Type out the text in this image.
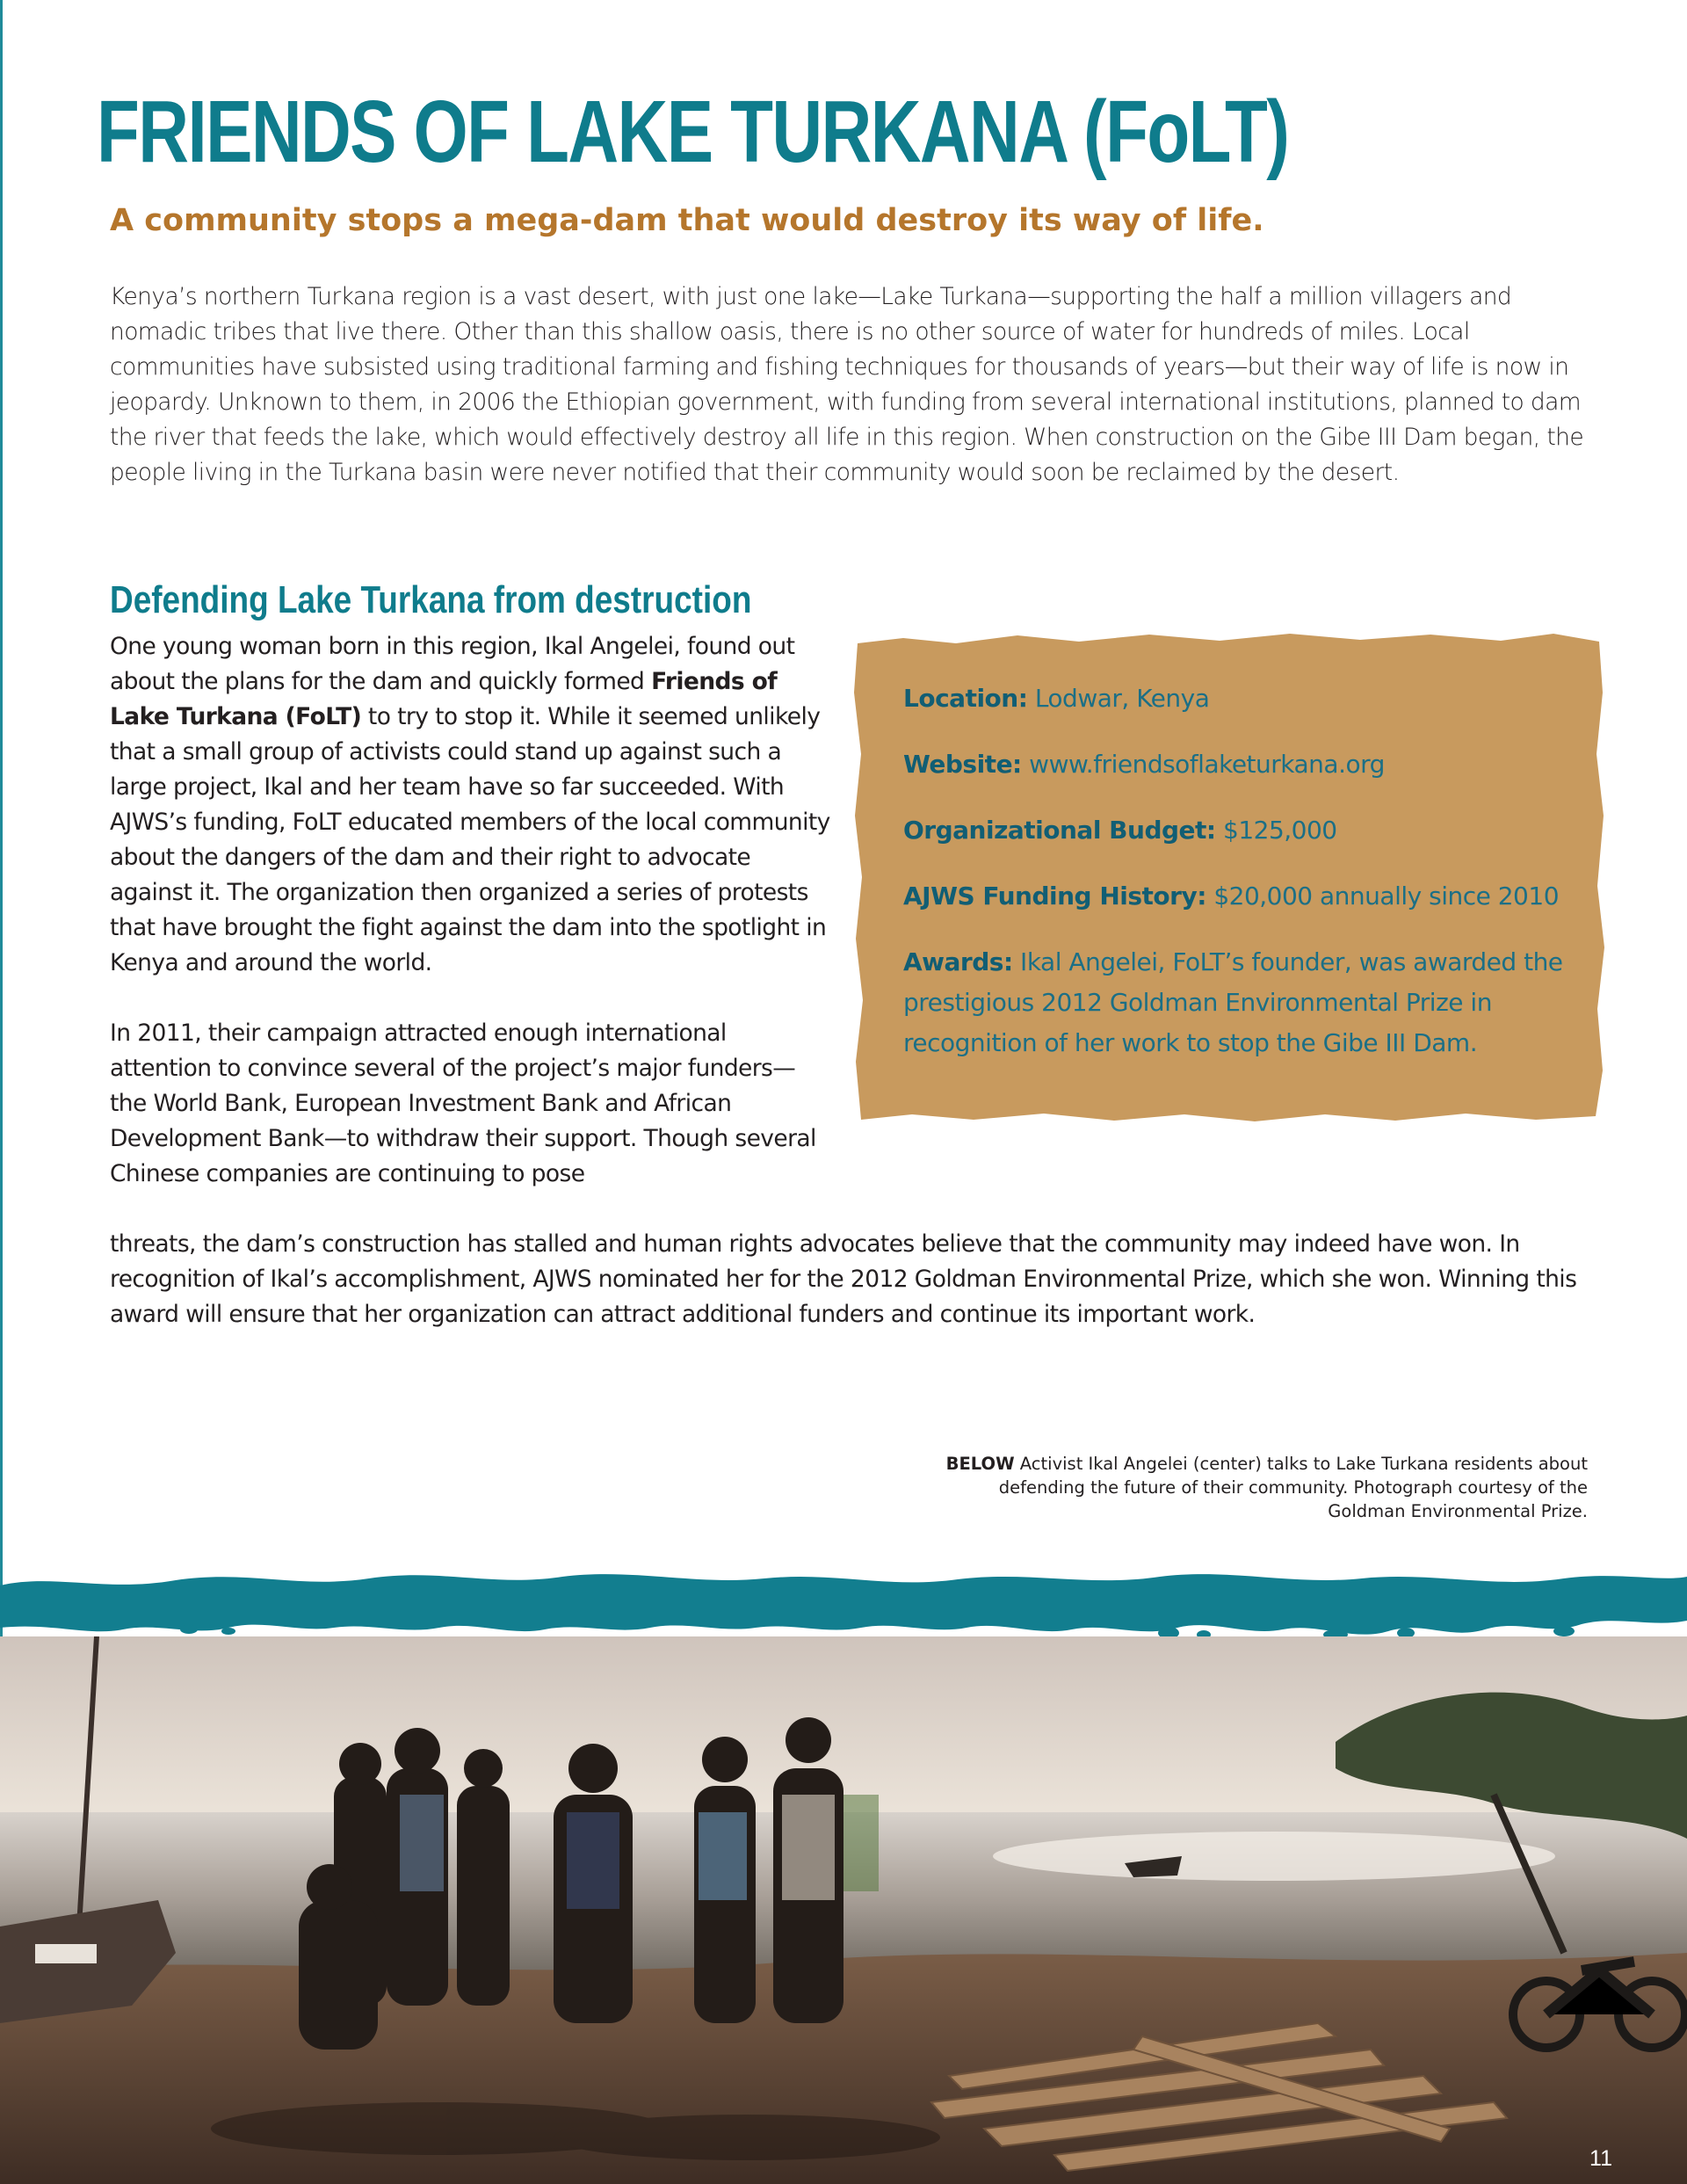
FRIENDS OF LAKE TURKANA (FoLT)
A community stops a mega-dam that would destroy its way of life.

Kenya’s northern Turkana region is a vast desert, with just one lake—Lake Turkana—supporting the half a million villagers and nomadic tribes that live there. Other than this shallow oasis, there is no other source of water for hundreds of miles. Local communities have subsisted using traditional farming and fishing techniques for thousands of years—but their way of life is now in jeopardy. Unknown to them, in 2006 the Ethiopian government, with funding from several international institutions, planned to dam the river that feeds the lake, which would effectively destroy all life in this region. When construction on the Gibe III Dam began, the people living in the Turkana basin were never notified that their community would soon be reclaimed by the desert.

Defending Lake Turkana from destruction

One young woman born in this region, Ikal Angelei, found out about the plans for the dam and quickly formed Friends of Lake Turkana (FoLT) to try to stop it. While it seemed unlikely that a small group of activists could stand up against such a large project, Ikal and her team have so far succeeded. With AJWS’s funding, FoLT educated members of the local community about the dangers of the dam and their right to advocate against it. The organization then organized a series of protests that have brought the fight against the dam into the spotlight in Kenya and around the world.

In 2011, their campaign attracted enough international attention to convince several of the project’s major funders—the World Bank, European Investment Bank and African Development Bank—to withdraw their support. Though several Chinese companies are continuing to pose

threats, the dam’s construction has stalled and human rights advocates believe that the community may indeed have won. In recognition of Ikal’s accomplishment, AJWS nominated her for the 2012 Goldman Environmental Prize, which she won. Winning this award will ensure that her organization can attract additional funders and continue its important work.

Location: Lodwar, Kenya

Website: www.friendsoflaketurkana.org

Organizational Budget: $125,000

AJWS Funding History: $20,000 annually since 2010

Awards: Ikal Angelei, FoLT’s founder, was awarded the prestigious 2012 Goldman Environmental Prize in recognition of her work to stop the Gibe III Dam.

BELOW Activist Ikal Angelei (center) talks to Lake Turkana residents about defending the future of their community. Photograph courtesy of the Goldman Environmental Prize.

11
